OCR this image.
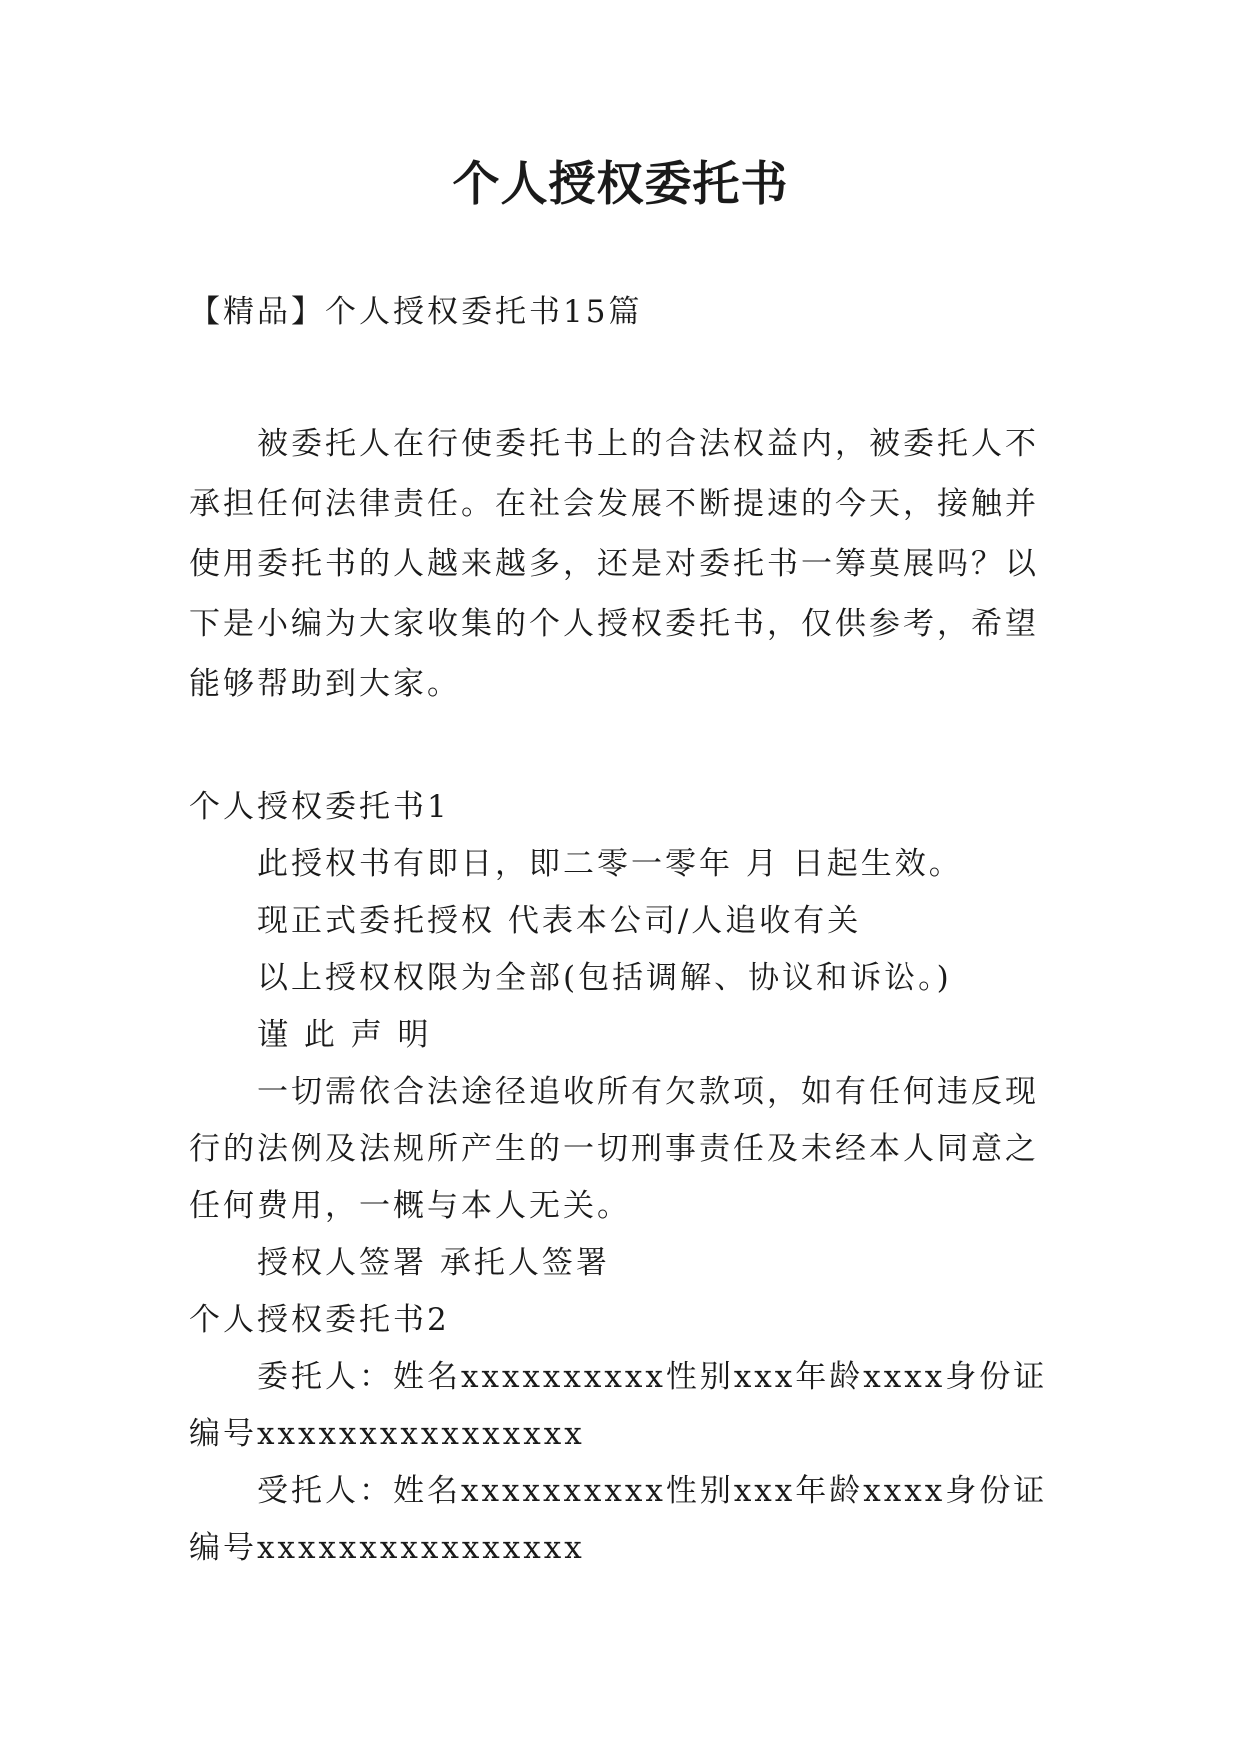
个人授权委托书

【精品】个人授权委托书15篇

被委托人在行使委托书上的合法权益内，被委托人不承担任何法律责任。在社会发展不断提速的今天，接触并使用委托书的人越来越多，还是对委托书一筹莫展吗？以下是小编为大家收集的个人授权委托书，仅供参考，希望能够帮助到大家。

个人授权委托书1

此授权书有即日，即二零一零年 月 日起生效。

现正式委托授权 代表本公司/人追收有关

以上授权权限为全部(包括调解、协议和诉讼。)

谨 此 声 明

一切需依合法途径追收所有欠款项，如有任何违反现行的法例及法规所产生的一切刑事责任及未经本人同意之任何费用，一概与本人无关。

授权人签署 承托人签署

个人授权委托书2

委托人：姓名xxxxxxxxxx性别xxx年龄xxxx身份证编号xxxxxxxxxxxxxxxx

受托人：姓名xxxxxxxxxx性别xxx年龄xxxx身份证编号xxxxxxxxxxxxxxxx
